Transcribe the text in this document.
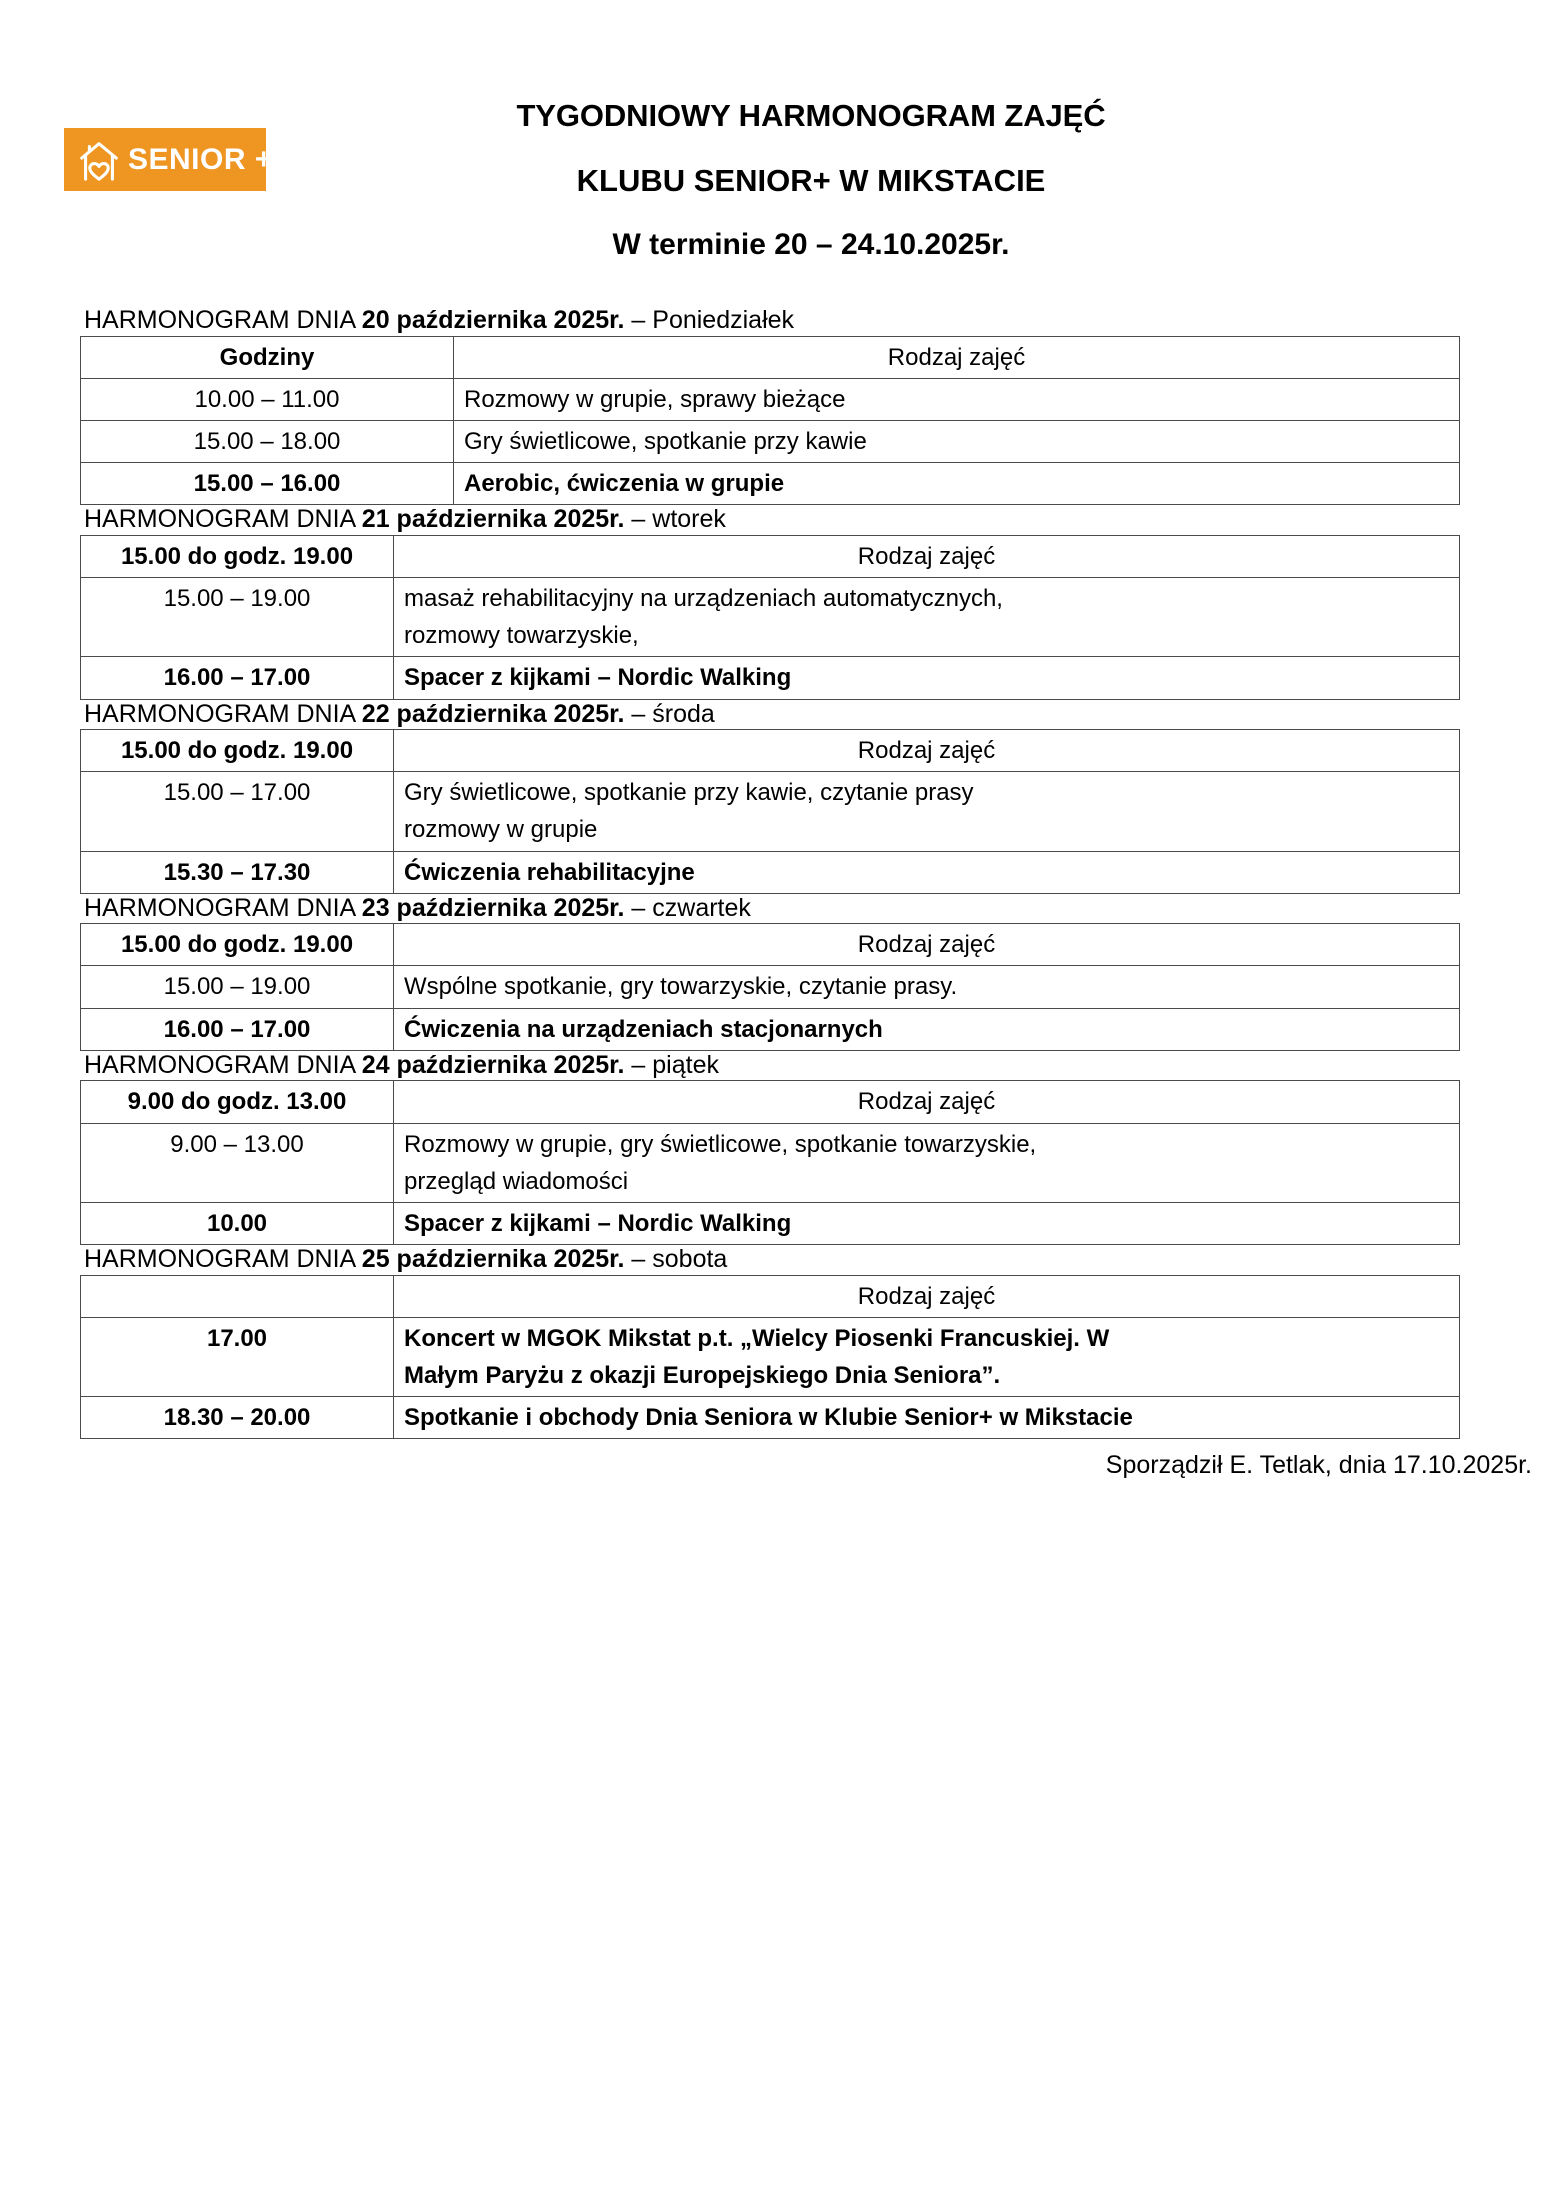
SENIOR +
TYGODNIOWY HARMONOGRAM ZAJĘĆ
KLUBU SENIOR+ W MIKSTACIE
W terminie 20 – 24.10.2025r.
HARMONOGRAM DNIA 20 października 2025r. – Poniedziałek
Godziny	Rodzaj zajęć
10.00 – 11.00	Rozmowy w grupie, sprawy bieżące

15.00 – 18.00	Gry świetlicowe, spotkanie przy kawie

15.00 – 16.00	Aerobic, ćwiczenia w grupie
HARMONOGRAM DNIA 21 października 2025r. – wtorek
15.00 do godz. 19.00	Rodzaj zajęć
15.00 – 19.00	masaż rehabilitacyjny na urządzeniach automatycznych,
rozmowy towarzyskie,

16.00 – 17.00	Spacer z kijkami – Nordic Walking
HARMONOGRAM DNIA 22 października 2025r. – środa
15.00 do godz. 19.00	Rodzaj zajęć
15.00 – 17.00	Gry świetlicowe, spotkanie przy kawie, czytanie prasy
rozmowy w grupie

15.30 – 17.30	Ćwiczenia rehabilitacyjne
HARMONOGRAM DNIA 23 października 2025r. – czwartek
15.00 do godz. 19.00	Rodzaj zajęć
15.00 – 19.00	Wspólne spotkanie, gry towarzyskie, czytanie prasy.

16.00 – 17.00	Ćwiczenia na urządzeniach stacjonarnych
HARMONOGRAM DNIA 24 października 2025r. – piątek
9.00 do godz. 13.00	Rodzaj zajęć
9.00 – 13.00	Rozmowy w grupie, gry świetlicowe, spotkanie towarzyskie,
przegląd wiadomości

10.00	Spacer z kijkami – Nordic Walking
HARMONOGRAM DNIA 25 października 2025r. – sobota
	Rodzaj zajęć
17.00	Koncert w MGOK Mikstat p.t. „Wielcy Piosenki Francuskiej. W
Małym Paryżu z okazji Europejskiego Dnia Seniora”.

18.30 – 20.00	Spotkanie i obchody Dnia Seniora w Klubie Senior+ w Mikstacie
Sporządził E. Tetlak, dnia 17.10.2025r.
